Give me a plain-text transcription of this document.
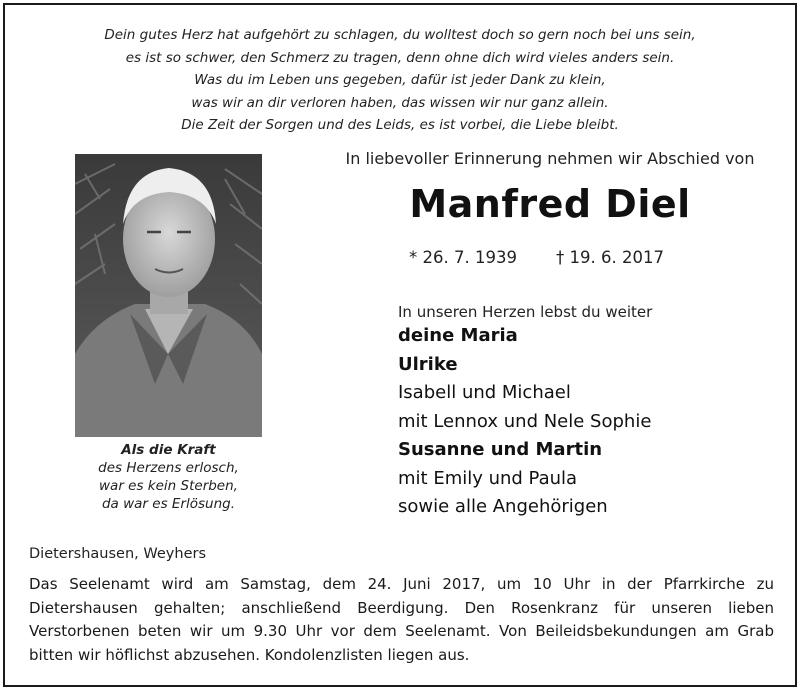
Dein gutes Herz hat aufgehört zu schlagen, du wolltest doch so gern noch bei uns sein,
es ist so schwer, den Schmerz zu tragen, denn ohne dich wird vieles anders sein.
Was du im Leben uns gegeben, dafür ist jeder Dank zu klein,
was wir an dir verloren haben, das wissen wir nur ganz allein.
Die Zeit der Sorgen und des Leids, es ist vorbei, die Liebe bleibt.
Als die Kraft
des Herzens erlosch,
war es kein Sterben,
da war es Erlösung.
In liebevoller Erinnerung nehmen wir Abschied von
Manfred Diel
* 26. 7. 1939 † 19. 6. 2017
In unseren Herzen lebst du weiter
deine Maria
Ulrike
Isabell und Michael
mit Lennox und Nele Sophie
Susanne und Martin
mit Emily und Paula
sowie alle Angehörigen
Dietershausen, Weyhers
Das Seelenamt wird am Samstag, dem 24. Juni 2017, um 10 Uhr in der Pfarrkirche zu Dietershausen gehalten; anschließend Beerdigung. Den Rosenkranz für unseren lieben Verstorbenen beten wir um 9.30 Uhr vor dem Seelenamt. Von Beileidsbekundungen am Grab bitten wir höflichst abzusehen. Kondolenzlisten liegen aus.
